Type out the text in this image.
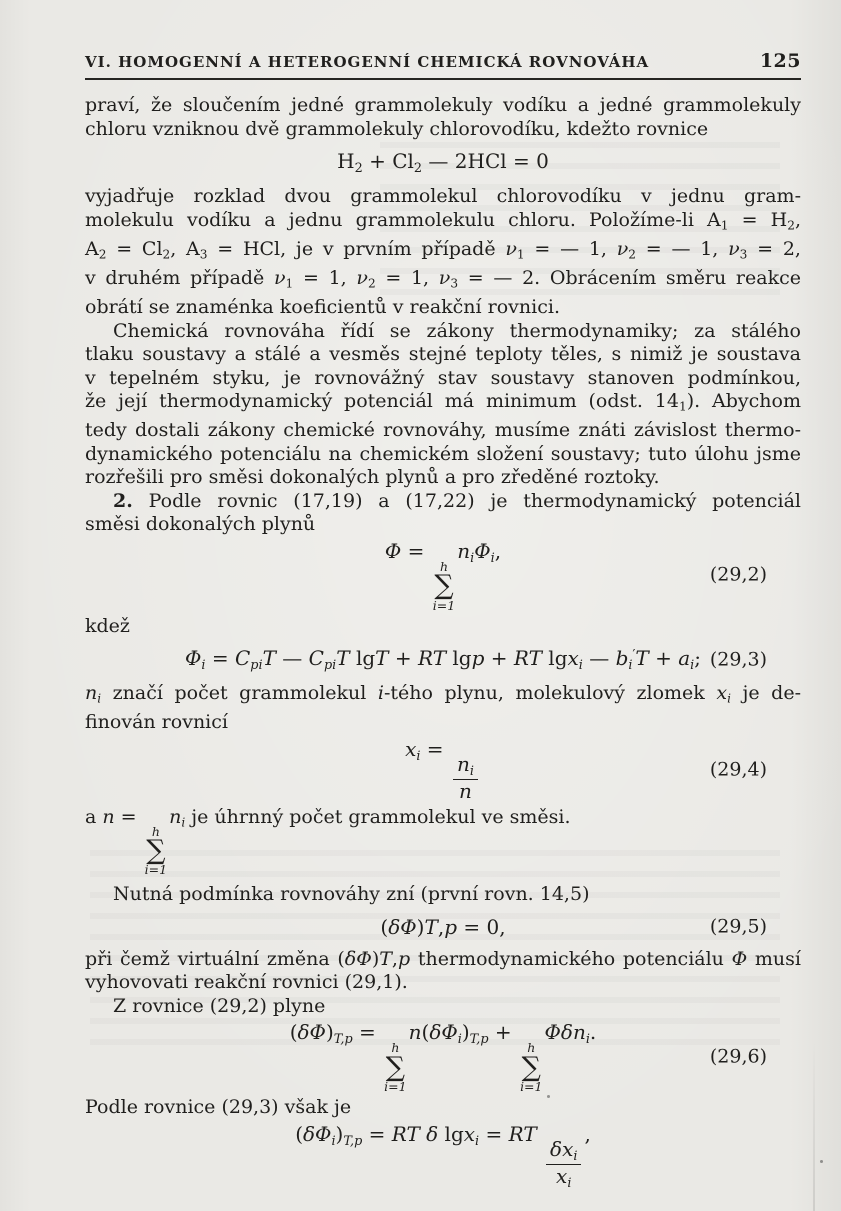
VI. HOMOGENNÍ A HETEROGENNÍ CHEMICKÁ ROVNOVÁHA	125
praví, že sloučením jedné grammolekuly vodíku a jedné grammolekuly
chloru vzniknou dvě grammolekuly chlorovodíku, kdežto rovnice
H2 + Cl2 — 2HCl = 0
vyjadřuje rozklad dvou grammolekul chlorovodíku v jednu gram-
molekulu vodíku a jednu grammolekulu chloru. Položíme-li A1 = H2,
A2 = Cl2, A3 = HCl, je v prvním případě ν1 = — 1, ν2 = — 1, ν3 = 2,
v druhém případě ν1 = 1, ν2 = 1, ν3 = — 2. Obrácením směru reakce
obrátí se znaménka koeficientů v reakční rovnici.
Chemická rovnováha řídí se zákony thermodynamiky; za stálého
tlaku soustavy a stálé a vesměs stejné teploty těles, s nimiž je soustava
v tepelném styku, je rovnovážný stav soustavy stanoven podmínkou,
že její thermodynamický potenciál má minimum (odst. 141). Abychom
tedy dostali zákony chemické rovnováhy, musíme znáti závislost thermo-
dynamického potenciálu na chemickém složení soustavy; tuto úlohu jsme
rozřešili pro směsi dokonalých plynů a pro zředěné roztoky.
2. Podle rovnic (17,19) a (17,22) je thermodynamický potenciál
směsi dokonalých plynů
Φ =
h
∑
i=1
niΦi,
(29,2)
kdež
Φi = CpiT — CpiT lgT + RT lgp + RT lgxi — bi′T + ai; (29,3)
ni značí počet grammolekul i-tého plynu, molekulový zlomek xi je de-
finován rovnicí
xi =
$\frac{ni}{n}$	(29,4)
a n =
h
∑
i=1
ni je úhrnný počet grammolekul ve směsi.
Nutná podmínka rovnováhy zní (první rovn. 14,5)
(δΦ)T,p = 0,	(29,5)
při čemž virtuální změna (δΦ)T,p thermodynamického potenciálu Φ musí
vyhovovati reakční rovnici (29,1).
Z rovnice (29,2) plyne
(δΦ)T,p =
h
∑
i=1
n(δΦi)T,p +
h
∑
i=1
Φδni.
(29,6)
Podle rovnice (29,3) však je
(δΦi)T,p = RT δ lgxi = RT
$\frac{\text{δxi}}{xi}$
,
